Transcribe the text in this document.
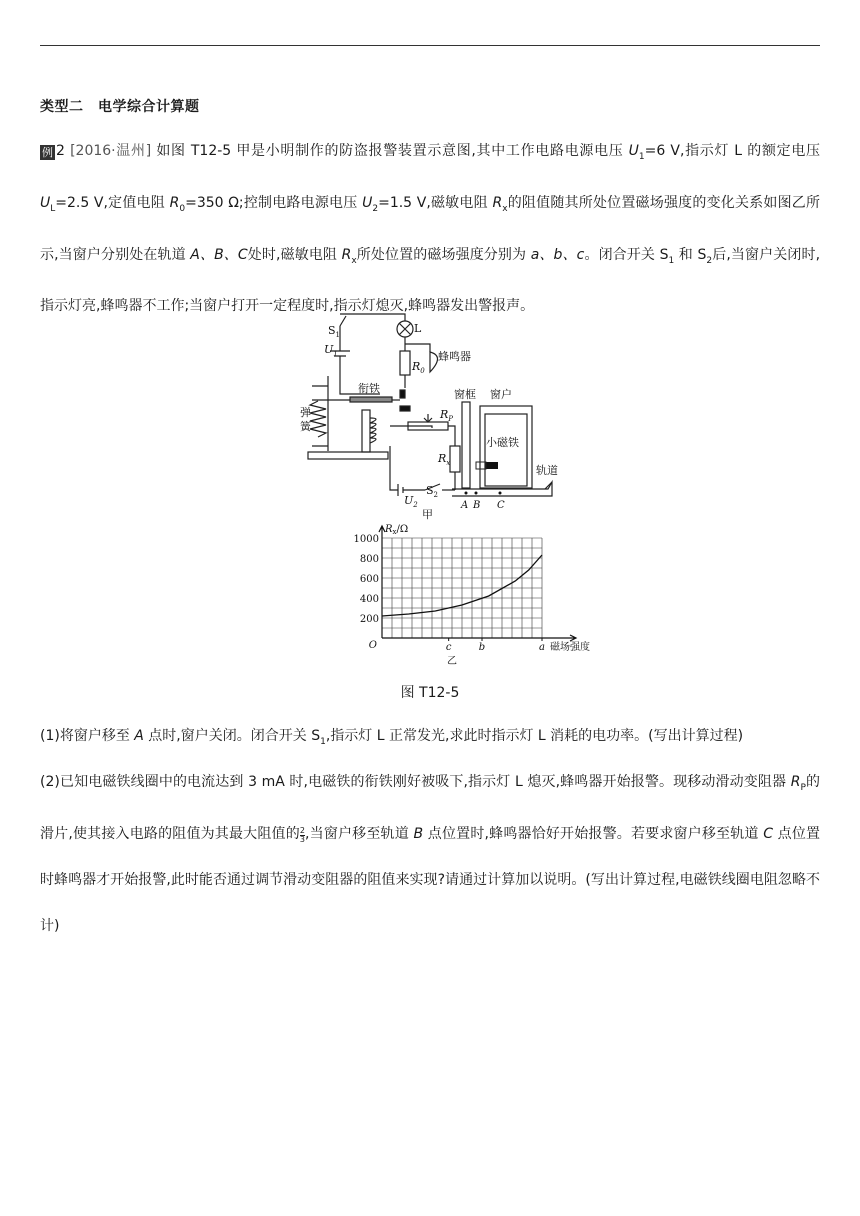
类型二　电学综合计算题
例 2 [2016·温州] 如图 T12-5 甲是小明制作的防盗报警装置示意图,其中工作电路电源电压 $U_1=6$ V,指示灯 L 的额定电压 $U_L=2.5$ V,定值电阻 $R_0=350$ Ω;控制电路电源电压 $U_2=1.5$ V,磁敏电阻 $R_x$的阻值随其所处位置磁场强度的变化关系如图乙所示,当窗户分别处在轨道 A、B、C处时,磁敏电阻 $R_x$所处位置的磁场强度分别为 a、b、c。闭合开关 $S_1$ 和 $S_2$后,当窗户关闭时,指示灯亮,蜂鸣器不工作;当窗户打开一定程度时,指示灯熄灭,蜂鸣器发出警报声。
$S_1$
$U_1$
L
$R_0$
蜂鸣器
衔铁
$R_P$
$R_x$
窗框 窗户
小磁铁
轨道
$U_2$
$S_2$
A B C
甲
弹
簧
200
400
600
800
1000
O	c	b	a
$R_x/\Omega$
磁场强度
乙
图 T12-5
(1)将窗户移至 A 点时,窗户关闭。闭合开关 $S_1$,指示灯 L 正常发光,求此时指示灯 L 消耗的电功率。(写出计算过程)
(2)已知电磁铁线圈中的电流达到 3 mA 时,电磁铁的衔铁刚好被吸下,指示灯 L 熄灭,蜂鸣器开始报警。现移动滑动变阻器 $R_P$的滑片,使其接入电路的阻值为其最大阻值的 $\frac{2}{3}$ ,当窗户移至轨道 B 点位置时,蜂鸣器恰好开始报警。若要求窗户移至轨道 C 点位置时蜂鸣器才开始报警,此时能否通过调节滑动变阻器的阻值来实现?请通过计算加以说明。(写出计算过程,电磁铁线圈电阻忽略不计)
